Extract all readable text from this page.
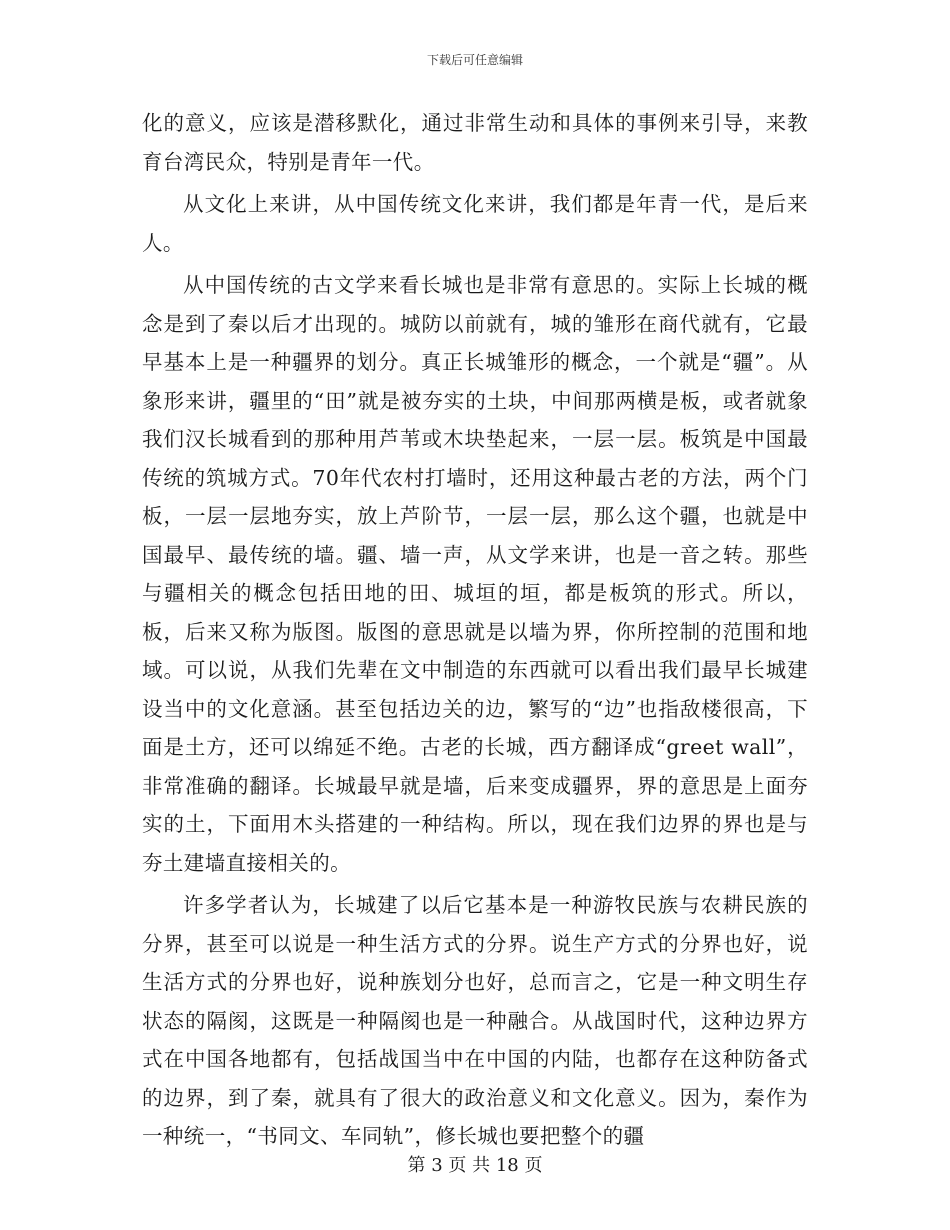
下载后可任意编辑

化的意义，应该是潜移默化，通过非常生动和具体的事例来引导，来教育台湾民众，特别是青年一代。

从文化上来讲，从中国传统文化来讲，我们都是年青一代，是后来人。

从中国传统的古文学来看长城也是非常有意思的。实际上长城的概念是到了秦以后才出现的。城防以前就有，城的雏形在商代就有，它最早基本上是一种疆界的划分。真正长城雏形的概念，一个就是“疆”。从象形来讲，疆里的“田”就是被夯实的土块，中间那两横是板，或者就象我们汉长城看到的那种用芦苇或木块垫起来，一层一层。板筑是中国最传统的筑城方式。70年代农村打墙时，还用这种最古老的方法，两个门板，一层一层地夯实，放上芦阶节，一层一层，那么这个疆，也就是中国最早、最传统的墙。疆、墙一声，从文学来讲，也是一音之转。那些与疆相关的概念包括田地的田、城垣的垣，都是板筑的形式。所以，板，后来又称为版图。版图的意思就是以墙为界，你所控制的范围和地域。可以说，从我们先辈在文中制造的东西就可以看出我们最早长城建设当中的文化意涵。甚至包括边关的边，繁写的“边”也指敌楼很高，下面是土方，还可以绵延不绝。古老的长城，西方翻译成“greet wall”，非常准确的翻译。长城最早就是墙，后来变成疆界，界的意思是上面夯实的土，下面用木头搭建的一种结构。所以，现在我们边界的界也是与夯土建墙直接相关的。

许多学者认为，长城建了以后它基本是一种游牧民族与农耕民族的分界，甚至可以说是一种生活方式的分界。说生产方式的分界也好，说生活方式的分界也好，说种族划分也好，总而言之，它是一种文明生存状态的隔阂，这既是一种隔阂也是一种融合。从战国时代，这种边界方式在中国各地都有，包括战国当中在中国的内陆，也都存在这种防备式的边界，到了秦，就具有了很大的政治意义和文化意义。因为，秦作为一种统一，“书同文、车同轨”，修长城也要把整个的疆

第 3 页 共 18 页
